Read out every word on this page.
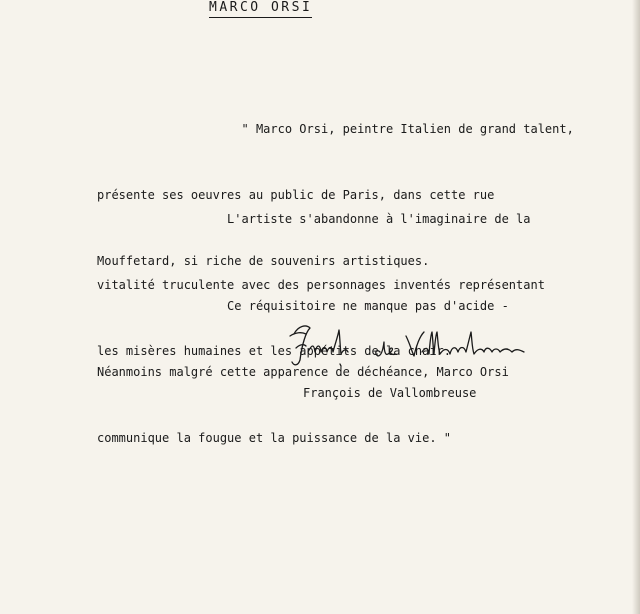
MARCO ORSI

" Marco Orsi, peintre Italien de grand talent,

présente ses oeuvres au public de Paris, dans cette rue

Mouffetard, si riche de souvenirs artistiques.

L'artiste s'abandonne à l'imaginaire de la

vitalité truculente avec des personnages inventés représentant

les misères humaines et les appétits de la chair.

Ce réquisitoire ne manque pas d'acide -

Néanmoins malgré cette apparence de déchéance, Marco Orsi

communique la fougue et la puissance de la vie. "

François de Vallombreuse
